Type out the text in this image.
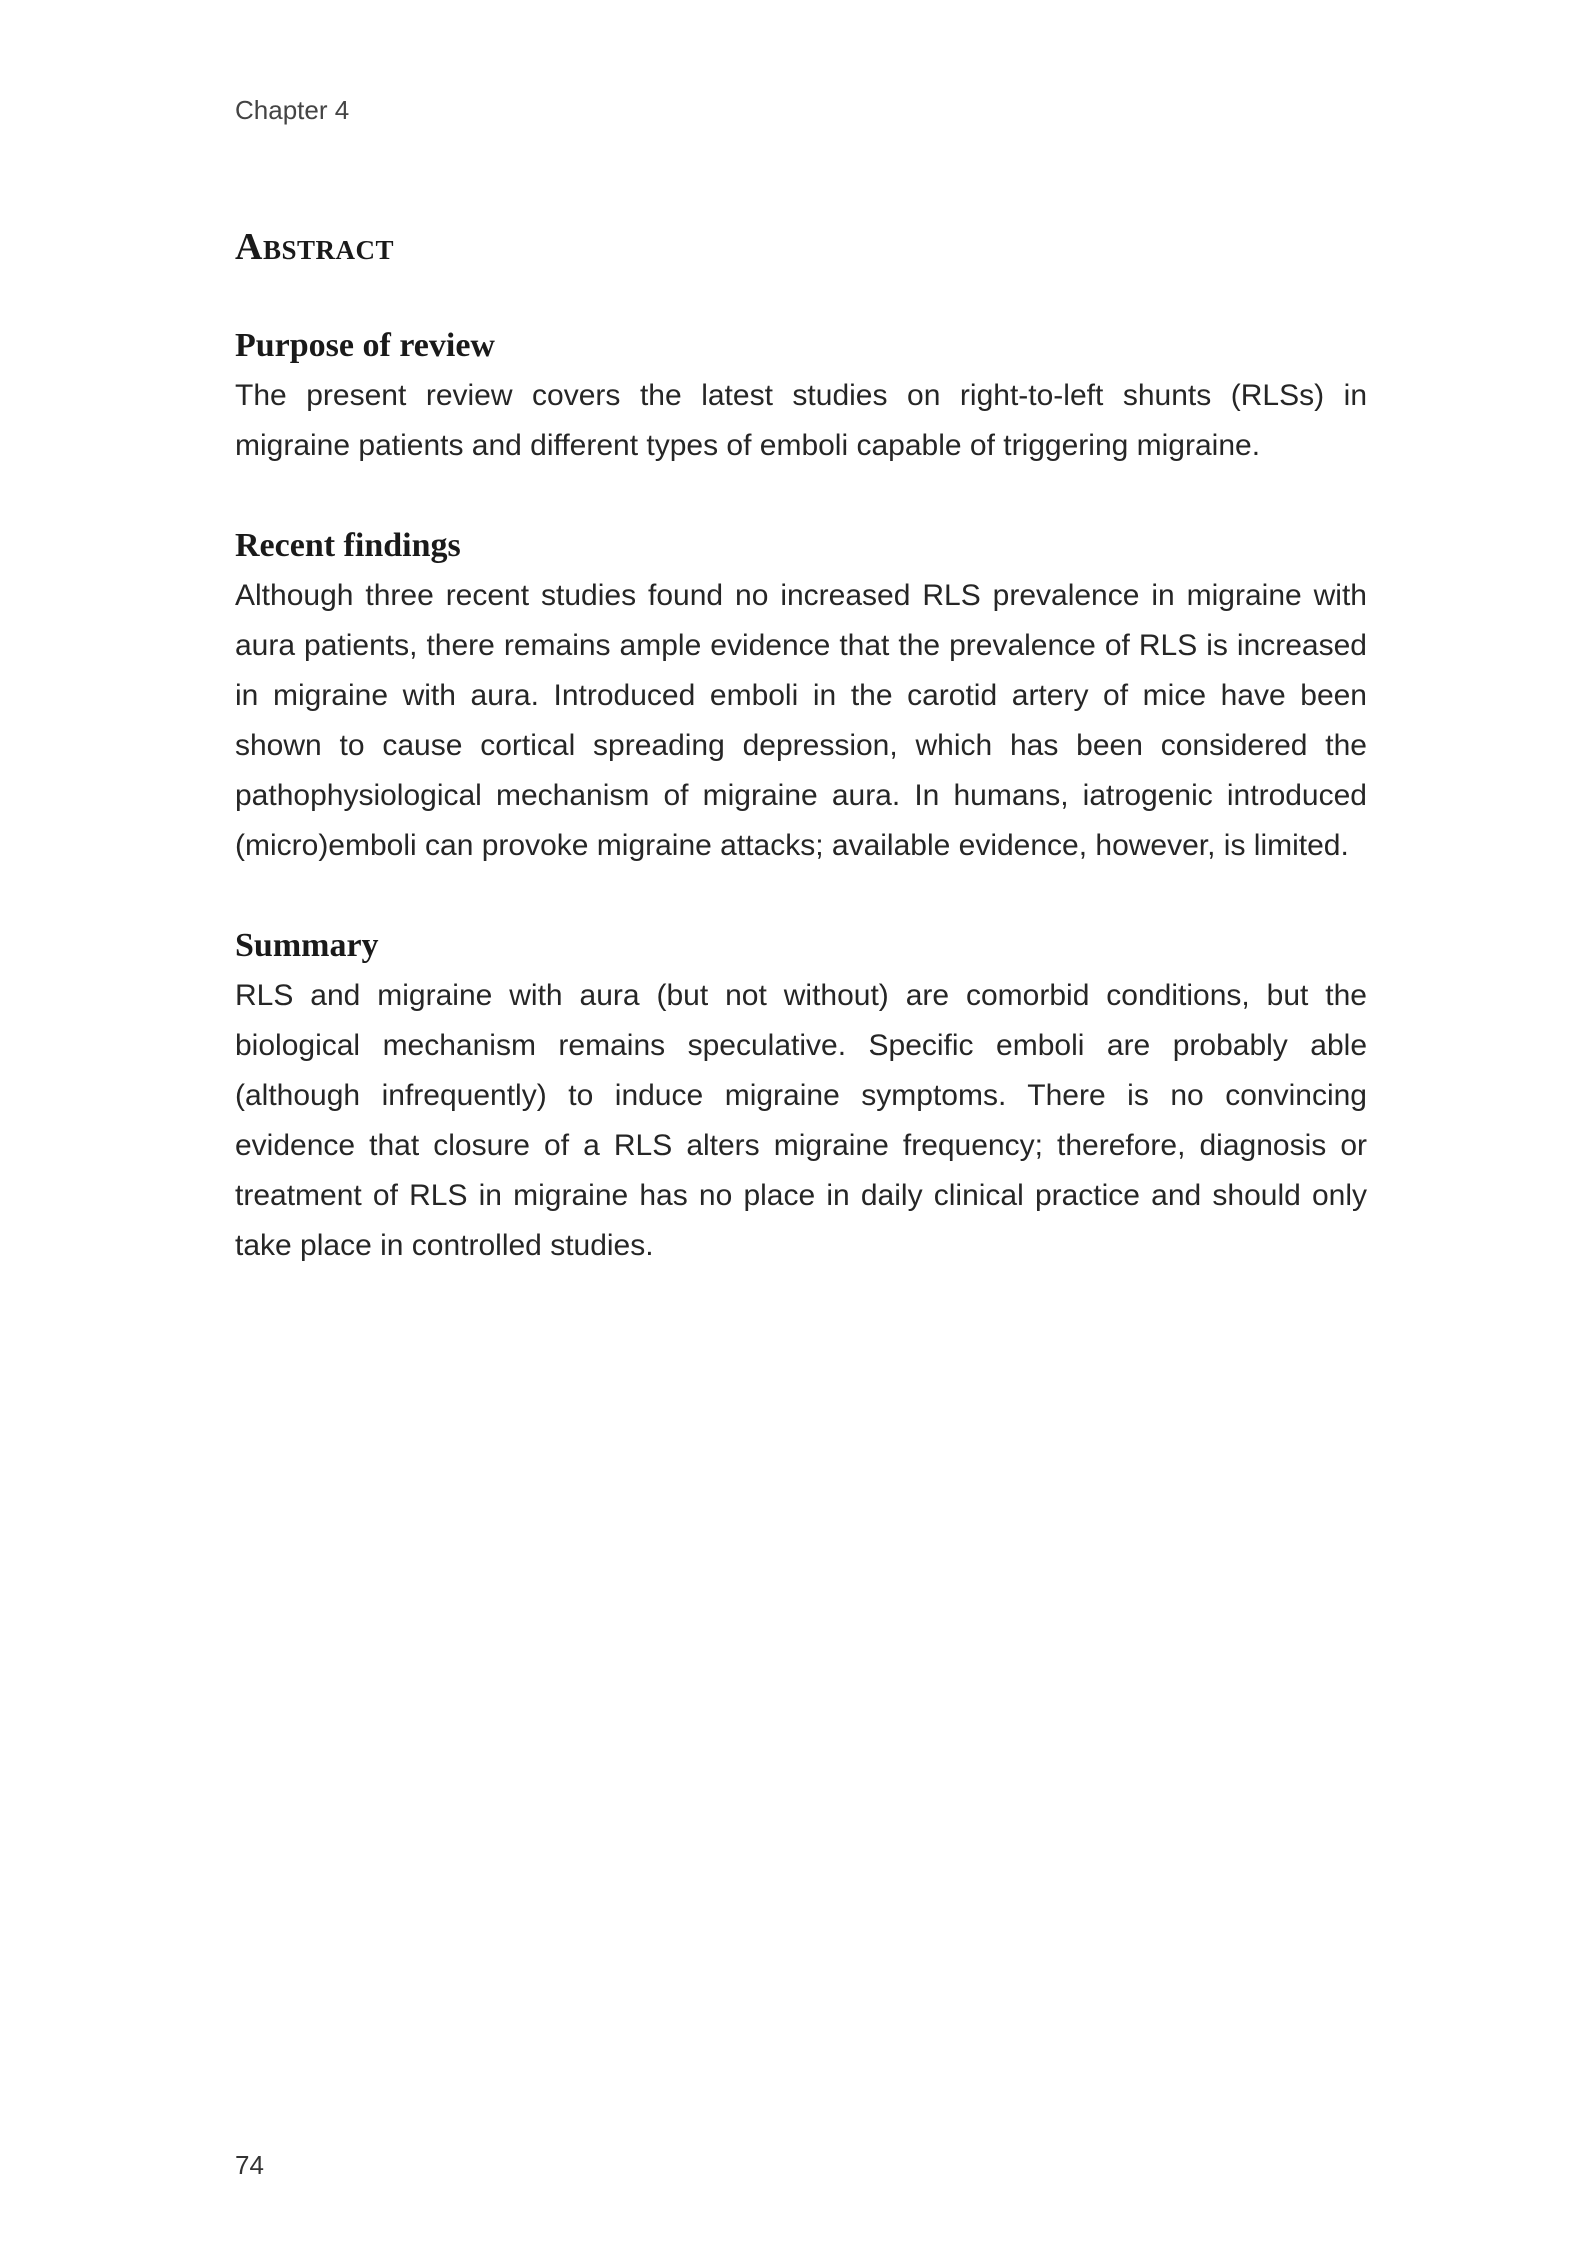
Chapter 4
Abstract
Purpose of review

The present review covers the latest studies on right-to-left shunts (RLSs) in migraine patients and different types of emboli capable of triggering migraine.

Recent findings

Although three recent studies found no increased RLS prevalence in migraine with aura patients, there remains ample evidence that the prevalence of RLS is increased in migraine with aura. Introduced emboli in the carotid artery of mice have been shown to cause cortical spreading depression, which has been considered the pathophysiological mechanism of migraine aura. In humans, iatrogenic introduced (micro)emboli can provoke migraine attacks; available evidence, however, is limited.

Summary

RLS and migraine with aura (but not without) are comorbid conditions, but the biological mechanism remains speculative. Specific emboli are probably able (although infrequently) to induce migraine symptoms. There is no convincing evidence that closure of a RLS alters migraine frequency; therefore, diagnosis or treatment of RLS in migraine has no place in daily clinical practice and should only take place in controlled studies.

74
